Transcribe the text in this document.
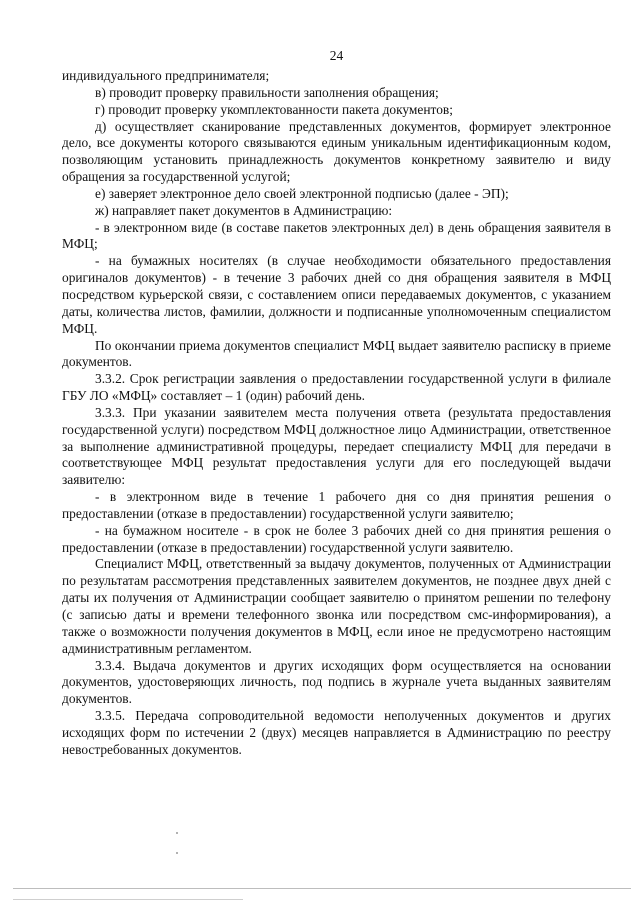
24

индивидуального предпринимателя;

в) проводит проверку правильности заполнения обращения;

г) проводит проверку укомплектованности пакета документов;

д) осуществляет сканирование представленных документов, формирует электронное дело, все документы которого связываются единым уникальным идентификационным кодом, позволяющим установить принадлежность документов конкретному заявителю и виду обращения за государственной услугой;

е) заверяет электронное дело своей электронной подписью (далее - ЭП);

ж) направляет пакет документов в Администрацию:

- в электронном виде (в составе пакетов электронных дел) в день обращения заявителя в МФЦ;

- на бумажных носителях (в случае необходимости обязательного предоставления оригиналов документов) - в течение 3 рабочих дней со дня обращения заявителя в МФЦ посредством курьерской связи, с составлением описи передаваемых документов, с указанием даты, количества листов, фамилии, должности и подписанные уполномоченным специалистом МФЦ.

По окончании приема документов специалист МФЦ выдает заявителю расписку в приеме документов.

3.3.2. Срок регистрации заявления о предоставлении государственной услуги в филиале ГБУ ЛО «МФЦ» составляет – 1 (один) рабочий день.

3.3.3. При указании заявителем места получения ответа (результата предоставления государственной услуги) посредством МФЦ должностное лицо Администрации, ответственное за выполнение административной процедуры, передает специалисту МФЦ для передачи в соответствующее МФЦ результат предоставления услуги для его последующей выдачи заявителю:

- в электронном виде в течение 1 рабочего дня со дня принятия решения о предоставлении (отказе в предоставлении) государственной услуги заявителю;

- на бумажном носителе - в срок не более 3 рабочих дней со дня принятия решения о предоставлении (отказе в предоставлении) государственной услуги заявителю.

Специалист МФЦ, ответственный за выдачу документов, полученных от Администрации по результатам рассмотрения представленных заявителем документов, не позднее двух дней с даты их получения от Администрации сообщает заявителю о принятом решении по телефону (с записью даты и времени телефонного звонка или посредством смс-информирования), а также о возможности получения документов в МФЦ, если иное не предусмотрено настоящим административным регламентом.

3.3.4. Выдача документов и других исходящих форм осуществляется на основании документов, удостоверяющих личность, под подпись в журнале учета выданных заявителям документов.

3.3.5. Передача сопроводительной ведомости неполученных документов и других исходящих форм по истечении 2 (двух) месяцев направляется в Администрацию по реестру невостребованных документов.
